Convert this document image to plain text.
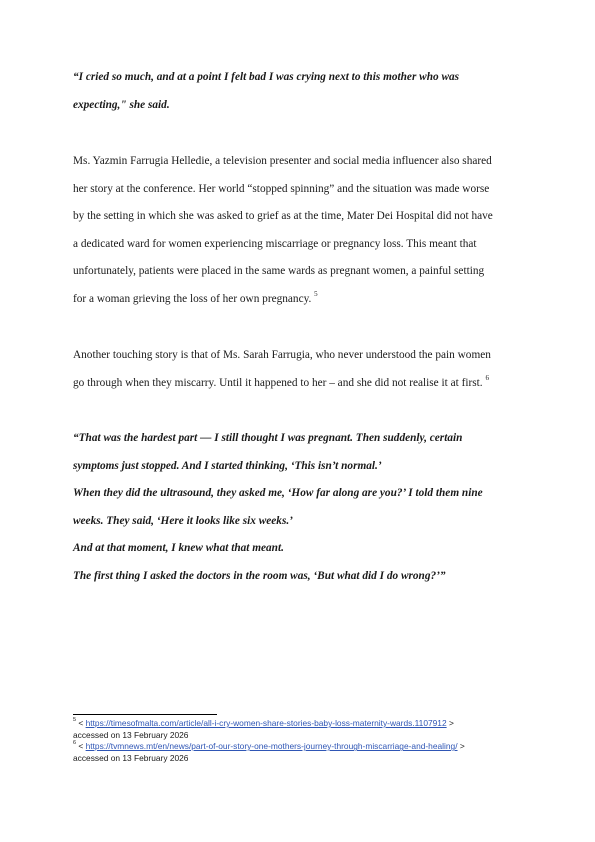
“I cried so much, and at a point I felt bad I was crying next to this mother who was
expecting," she said.

Ms. Yazmin Farrugia Helledie, a television presenter and social media influencer also shared
her story at the conference. Her world “stopped spinning” and the situation was made worse
by the setting in which she was asked to grief as at the time, Mater Dei Hospital did not have
a dedicated ward for women experiencing miscarriage or pregnancy loss. This meant that
unfortunately, patients were placed in the same wards as pregnant women, a painful setting
for a woman grieving the loss of her own pregnancy. $^5$

Another touching story is that of Ms. Sarah Farrugia, who never understood the pain women
go through when they miscarry. Until it happened to her – and she did not realise it at first. $^6$

“That was the hardest part — I still thought I was pregnant. Then suddenly, certain
symptoms just stopped. And I started thinking, ‘This isn’t normal.’
When they did the ultrasound, they asked me, ‘How far along are you?’ I told them nine
weeks. They said, ‘Here it looks like six weeks.’
And at that moment, I knew what that meant.
The first thing I asked the doctors in the room was, ‘But what did I do wrong?’”

$^5$ < https://timesofmalta.com/article/all-i-cry-women-share-stories-baby-loss-maternity-wards.1107912 >
accessed on 13 February 2026
$^6$ < https://tvmnews.mt/en/news/part-of-our-story-one-mothers-journey-through-miscarriage-and-healing/ >
accessed on 13 February 2026
